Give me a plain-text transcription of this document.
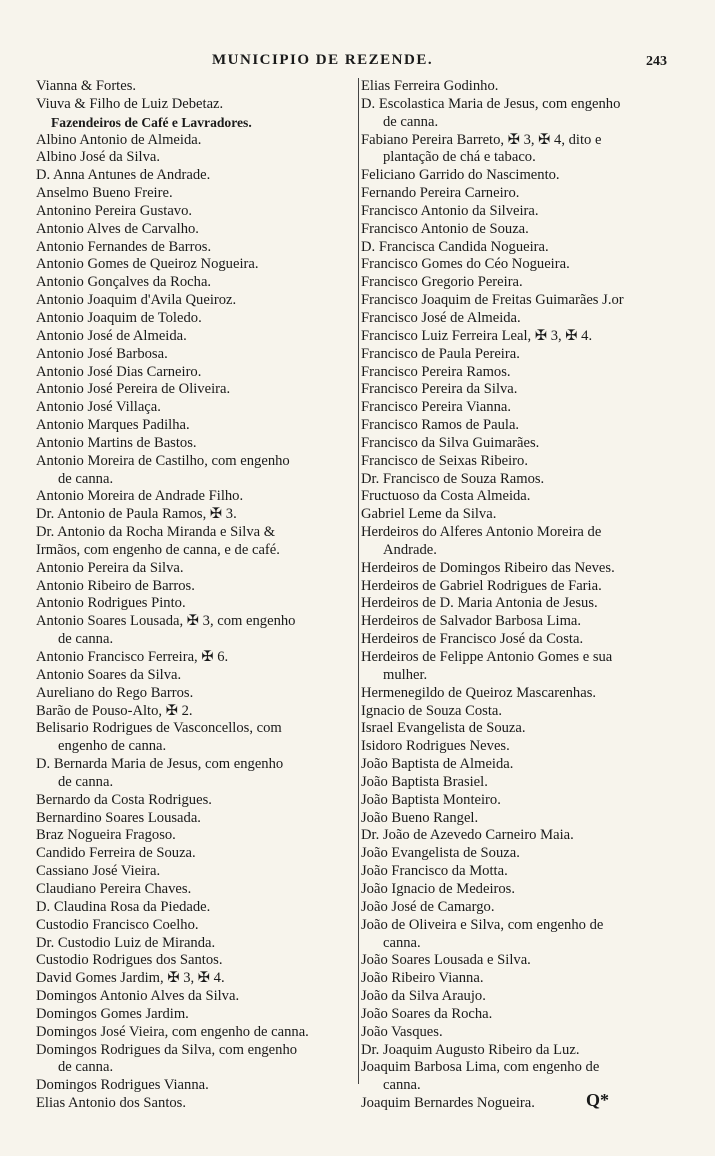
MUNICIPIO DE REZENDE.	243
Vianna & Fortes.
Viuva & Filho de Luiz Debetaz.
Fazendeiros de Café e Lavradores.
Albino Antonio de Almeida.
Albino José da Silva.
D. Anna Antunes de Andrade.
Anselmo Bueno Freire.
Antonino Pereira Gustavo.
Antonio Alves de Carvalho.
Antonio Fernandes de Barros.
Antonio Gomes de Queiroz Nogueira.
Antonio Gonçalves da Rocha.
Antonio Joaquim d'Avila Queiroz.
Antonio Joaquim de Toledo.
Antonio José de Almeida.
Antonio José Barbosa.
Antonio José Dias Carneiro.
Antonio José Pereira de Oliveira.
Antonio José Villaça.
Antonio Marques Padilha.
Antonio Martins de Bastos.
Antonio Moreira de Castilho, com engenho
de canna.
Antonio Moreira de Andrade Filho.
Dr. Antonio de Paula Ramos, ✠ 3.
Dr. Antonio da Rocha Miranda e Silva &
Irmãos, com engenho de canna, e de café.
Antonio Pereira da Silva.
Antonio Ribeiro de Barros.
Antonio Rodrigues Pinto.
Antonio Soares Lousada, ✠ 3, com engenho
de canna.
Antonio Francisco Ferreira, ✠ 6.
Antonio Soares da Silva.
Aureliano do Rego Barros.
Barão de Pouso-Alto, ✠ 2.
Belisario Rodrigues de Vasconcellos, com
engenho de canna.
D. Bernarda Maria de Jesus, com engenho
de canna.
Bernardo da Costa Rodrigues.
Bernardino Soares Lousada.
Braz Nogueira Fragoso.
Candido Ferreira de Souza.
Cassiano José Vieira.
Claudiano Pereira Chaves.
D. Claudina Rosa da Piedade.
Custodio Francisco Coelho.
Dr. Custodio Luiz de Miranda.
Custodio Rodrigues dos Santos.
David Gomes Jardim, ✠ 3, ✠ 4.
Domingos Antonio Alves da Silva.
Domingos Gomes Jardim.
Domingos José Vieira, com engenho de canna.
Domingos Rodrigues da Silva, com engenho
de canna.
Domingos Rodrigues Vianna.
Elias Antonio dos Santos.
Elias Ferreira Godinho.
D. Escolastica Maria de Jesus, com engenho
de canna.
Fabiano Pereira Barreto, ✠ 3, ✠ 4, dito e
plantação de chá e tabaco.
Feliciano Garrido do Nascimento.
Fernando Pereira Carneiro.
Francisco Antonio da Silveira.
Francisco Antonio de Souza.
D. Francisca Candida Nogueira.
Francisco Gomes do Céo Nogueira.
Francisco Gregorio Pereira.
Francisco Joaquim de Freitas Guimarães J.or
Francisco José de Almeida.
Francisco Luiz Ferreira Leal, ✠ 3, ✠ 4.
Francisco de Paula Pereira.
Francisco Pereira Ramos.
Francisco Pereira da Silva.
Francisco Pereira Vianna.
Francisco Ramos de Paula.
Francisco da Silva Guimarães.
Francisco de Seixas Ribeiro.
Dr. Francisco de Souza Ramos.
Fructuoso da Costa Almeida.
Gabriel Leme da Silva.
Herdeiros do Alferes Antonio Moreira de
Andrade.
Herdeiros de Domingos Ribeiro das Neves.
Herdeiros de Gabriel Rodrigues de Faria.
Herdeiros de D. Maria Antonia de Jesus.
Herdeiros de Salvador Barbosa Lima.
Herdeiros de Francisco José da Costa.
Herdeiros de Felippe Antonio Gomes e sua
mulher.
Hermenegildo de Queiroz Mascarenhas.
Ignacio de Souza Costa.
Israel Evangelista de Souza.
Isidoro Rodrigues Neves.
João Baptista de Almeida.
João Baptista Brasiel.
João Baptista Monteiro.
João Bueno Rangel.
Dr. João de Azevedo Carneiro Maia.
João Evangelista de Souza.
João Francisco da Motta.
João Ignacio de Medeiros.
João José de Camargo.
João de Oliveira e Silva, com engenho de
canna.
João Soares Lousada e Silva.
João Ribeiro Vianna.
João da Silva Araujo.
João Soares da Rocha.
João Vasques.
Dr. Joaquim Augusto Ribeiro da Luz.
Joaquim Barbosa Lima, com engenho de
canna.
Joaquim Bernardes Nogueira.	Q*
